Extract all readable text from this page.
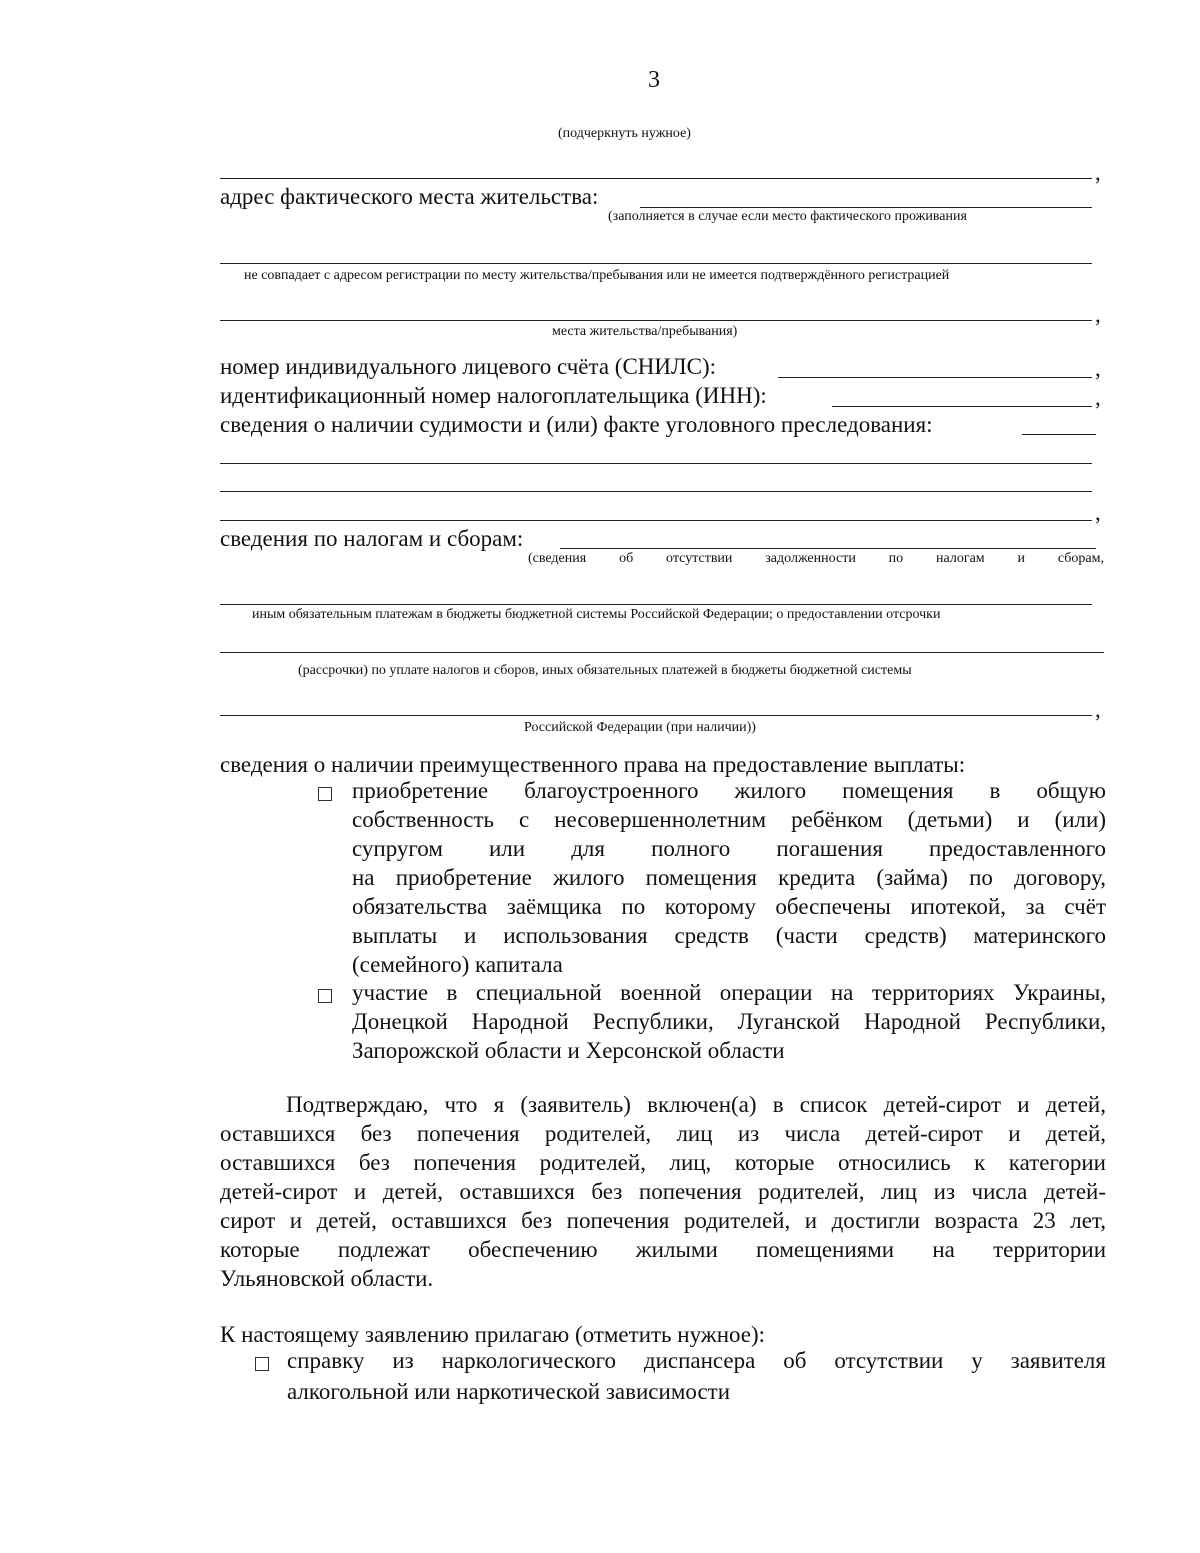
3
(подчеркнуть нужное)
,
адрес фактического места жительства:
(заполняется в случае если место фактического проживания
не совпадает с адресом регистрации по месту жительства/пребывания или не имеется подтверждённого регистрацией
,
места жительства/пребывания)
номер индивидуального лицевого счёта (СНИЛС):	,
идентификационный номер налогоплательщика (ИНН):	,
сведения о наличии судимости и (или) факте уголовного преследования:
,
сведения по налогам и сборам:
(сведения об отсутствии задолженности по налогам и сборам,
иным обязательным платежам в бюджеты бюджетной системы Российской Федерации; о предоставлении отсрочки
(рассрочки) по уплате налогов и сборов, иных обязательных платежей в бюджеты бюджетной системы
,
Российской Федерации (при наличии))
сведения о наличии преимущественного права на предоставление выплаты:
приобретение благоустроенного жилого помещения в общую
собственность с несовершеннолетним ребёнком (детьми) и (или)
супругом или для полного погашения предоставленного
на приобретение жилого помещения кредита (займа) по договору,
обязательства заёмщика по которому обеспечены ипотекой, за счёт
выплаты и использования средств (части средств) материнского
(семейного) капитала
участие в специальной военной операции на территориях Украины,
Донецкой Народной Республики, Луганской Народной Республики,
Запорожской области и Херсонской области
Подтверждаю, что я (заявитель) включен(а) в список детей-сирот и детей,
оставшихся без попечения родителей, лиц из числа детей-сирот и детей,
оставшихся без попечения родителей, лиц, которые относились к категории
детей-сирот и детей, оставшихся без попечения родителей, лиц из числа детей-
сирот и детей, оставшихся без попечения родителей, и достигли возраста 23 лет,
которые подлежат обеспечению жилыми помещениями на территории
Ульяновской области.
К настоящему заявлению прилагаю (отметить нужное):
справку из наркологического диспансера об отсутствии у заявителя
алкогольной или наркотической зависимости
